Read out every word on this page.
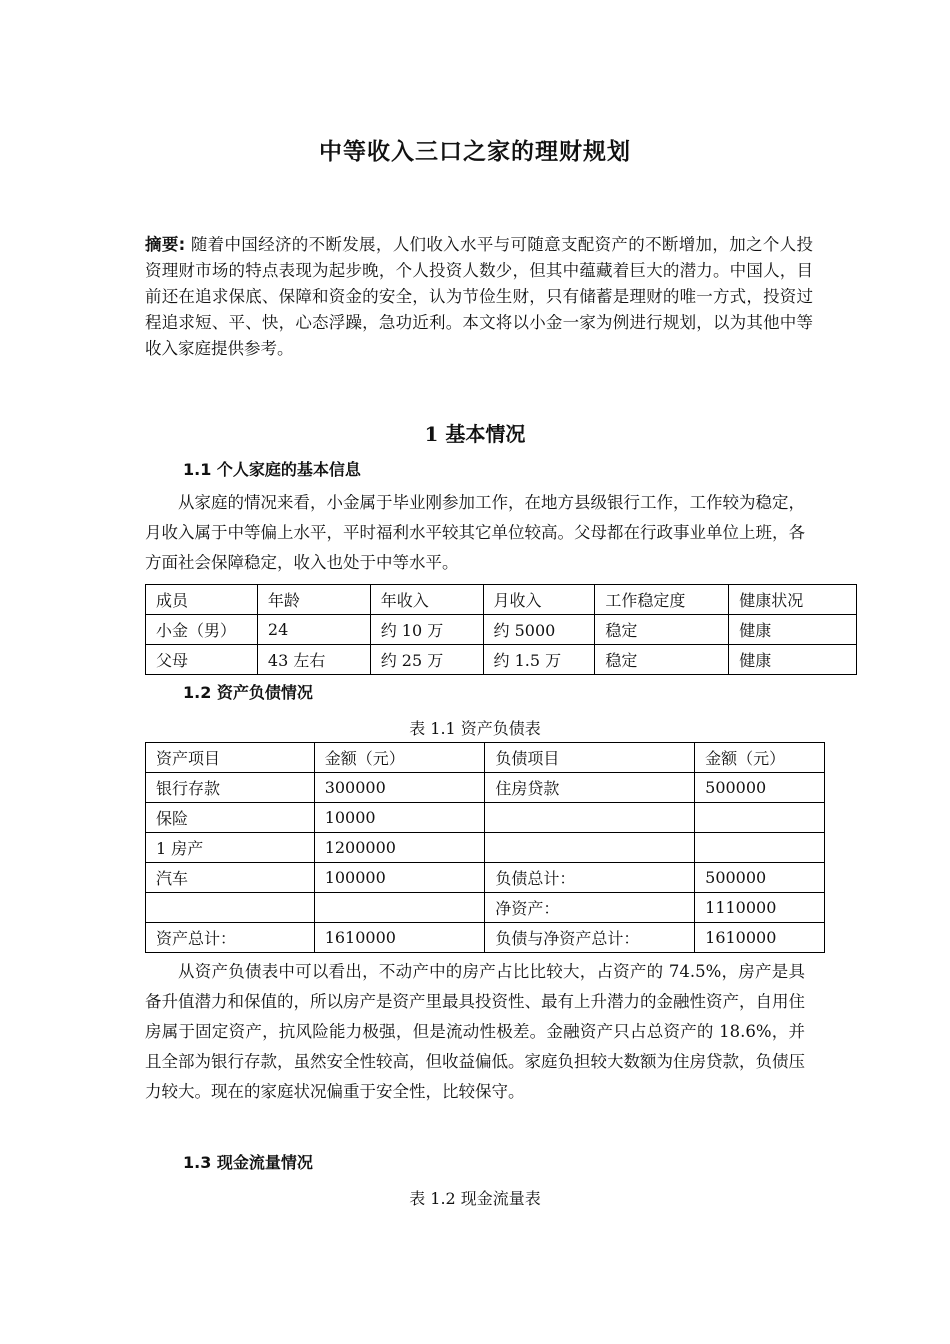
中等收入三口之家的理财规划
摘要: 随着中国经济的不断发展，人们收入水平与可随意支配资产的不断增加，加之个人投资理财市场的特点表现为起步晚，个人投资人数少，但其中蕴藏着巨大的潜力。中国人，目前还在追求保底、保障和资金的安全，认为节俭生财，只有储蓄是理财的唯一方式，投资过程追求短、平、快，心态浮躁，急功近利。本文将以小金一家为例进行规划，以为其他中等收入家庭提供参考。
1 基本情况
1.1 个人家庭的基本信息
从家庭的情况来看，小金属于毕业刚参加工作，在地方县级银行工作，工作较为稳定，月收入属于中等偏上水平，平时福利水平较其它单位较高。父母都在行政事业单位上班，各方面社会保障稳定，收入也处于中等水平。
成员	年龄	年收入	月收入	工作稳定度	健康状况
小金（男）	24	约 10 万	约 5000	稳定	健康
父母	43 左右	约 25 万	约 1.5 万	稳定	健康
1.2 资产负债情况
表 1.1 资产负债表
资产项目	金额（元）	负债项目	金额（元）
银行存款	300000	住房贷款	500000
保险	10000		
1 房产	1200000		
汽车	100000	负债总计：	500000
		净资产：	1110000
资产总计：	1610000	负债与净资产总计：	1610000
从资产负债表中可以看出，不动产中的房产占比比较大，占资产的 74.5%，房产是具备升值潜力和保值的，所以房产是资产里最具投资性、最有上升潜力的金融性资产，自用住房属于固定资产，抗风险能力极强，但是流动性极差。金融资产只占总资产的 18.6%，并且全部为银行存款，虽然安全性较高，但收益偏低。家庭负担较大数额为住房贷款，负债压力较大。现在的家庭状况偏重于安全性，比较保守。
1.3 现金流量情况
表 1.2 现金流量表
